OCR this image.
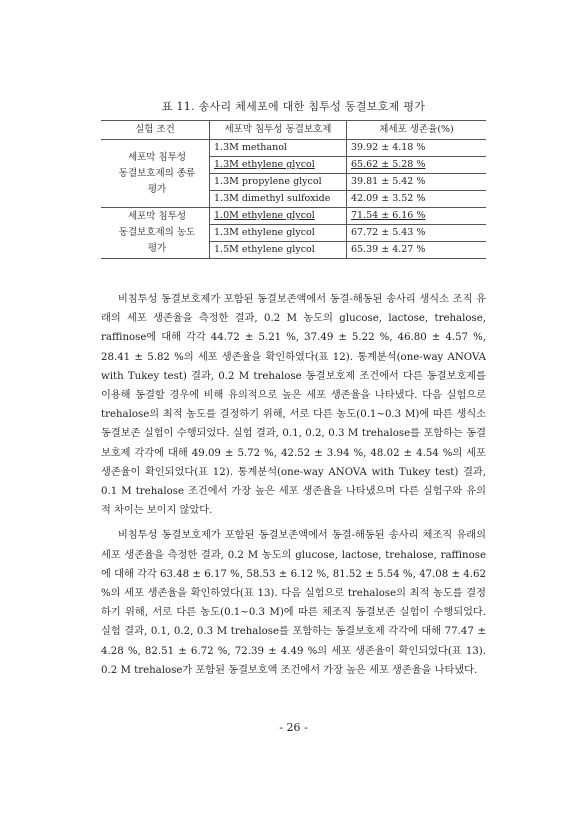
표 11. 송사리 체세포에 대한 침투성 동결보호제 평가
실험 조건	세포막 침투성 동결보호제	체세포 생존율(%)

세포막 침투성
동결보호제의 종류
평가	1.3M methanol	39.92 ± 4.18 %
	1.3M ethylene glycol	65.62 ± 5.28 %
	1.3M propylene glycol	39.81 ± 5.42 %
	1.3M dimethyl sulfoxide	42.09 ± 3.52 %

세포막 침투성
동결보호제의 농도
평가	1.0M ethylene glycol	71.54 ± 6.16 %
	1.3M ethylene glycol	67.72 ± 5.43 %
	1.5M ethylene glycol	65.39 ± 4.27 %

비침투성 동결보호제가 포함된 동결보존액에서 동결-해동된 송사리 생식소 조직 유래의 세포 생존율을 측정한 결과, 0.2 M 농도의 glucose, lactose, trehalose, raffinose에 대해 각각 44.72 ± 5.21 %, 37.49 ± 5.22 %, 46.80 ± 4.57 %, 28.41 ± 5.82 %의 세포 생존율을 확인하였다(표 12). 통계분석(one-way ANOVA with Tukey test) 결과, 0.2 M trehalose 동결보호제 조건에서 다른 동결보호제를 이용해 동결할 경우에 비해 유의적으로 높은 세포 생존율을 나타냈다. 다음 실험으로 trehalose의 최적 농도를 결정하기 위해, 서로 다른 농도(0.1~0.3 M)에 따른 생식소 동결보존 실험이 수행되었다. 실험 결과, 0.1, 0.2, 0.3 M trehalose를 포함하는 동결보호제 각각에 대해 49.09 ± 5.72 %, 42.52 ± 3.94 %, 48.02 ± 4.54 %의 세포 생존율이 확인되었다(표 12). 통계분석(one-way ANOVA with Tukey test) 결과, 0.1 M trehalose 조건에서 가장 높은 세포 생존율을 나타냈으며 다른 실험구와 유의적 차이는 보이지 않았다.

비침투성 동결보호제가 포함된 동결보존액에서 동결-해동된 송사리 체조직 유래의 세포 생존율을 측정한 결과, 0.2 M 농도의 glucose, lactose, trehalose, raffinose에 대해 각각 63.48 ± 6.17 %, 58.53 ± 6.12 %, 81.52 ± 5.54 %, 47.08 ± 4.62 %의 세포 생존율을 확인하였다(표 13). 다음 실험으로 trehalose의 최적 농도를 결정하기 위해, 서로 다른 농도(0.1~0.3 M)에 따른 체조직 동결보존 실험이 수행되었다. 실험 결과, 0.1, 0.2, 0.3 M trehalose를 포함하는 동결보호제 각각에 대해 77.47 ± 4.28 %, 82.51 ± 6.72 %, 72.39 ± 4.49 %의 세포 생존율이 확인되었다(표 13). 0.2 M trehalose가 포함된 동결보호액 조건에서 가장 높은 세포 생존율을 나타냈다.

- 26 -
